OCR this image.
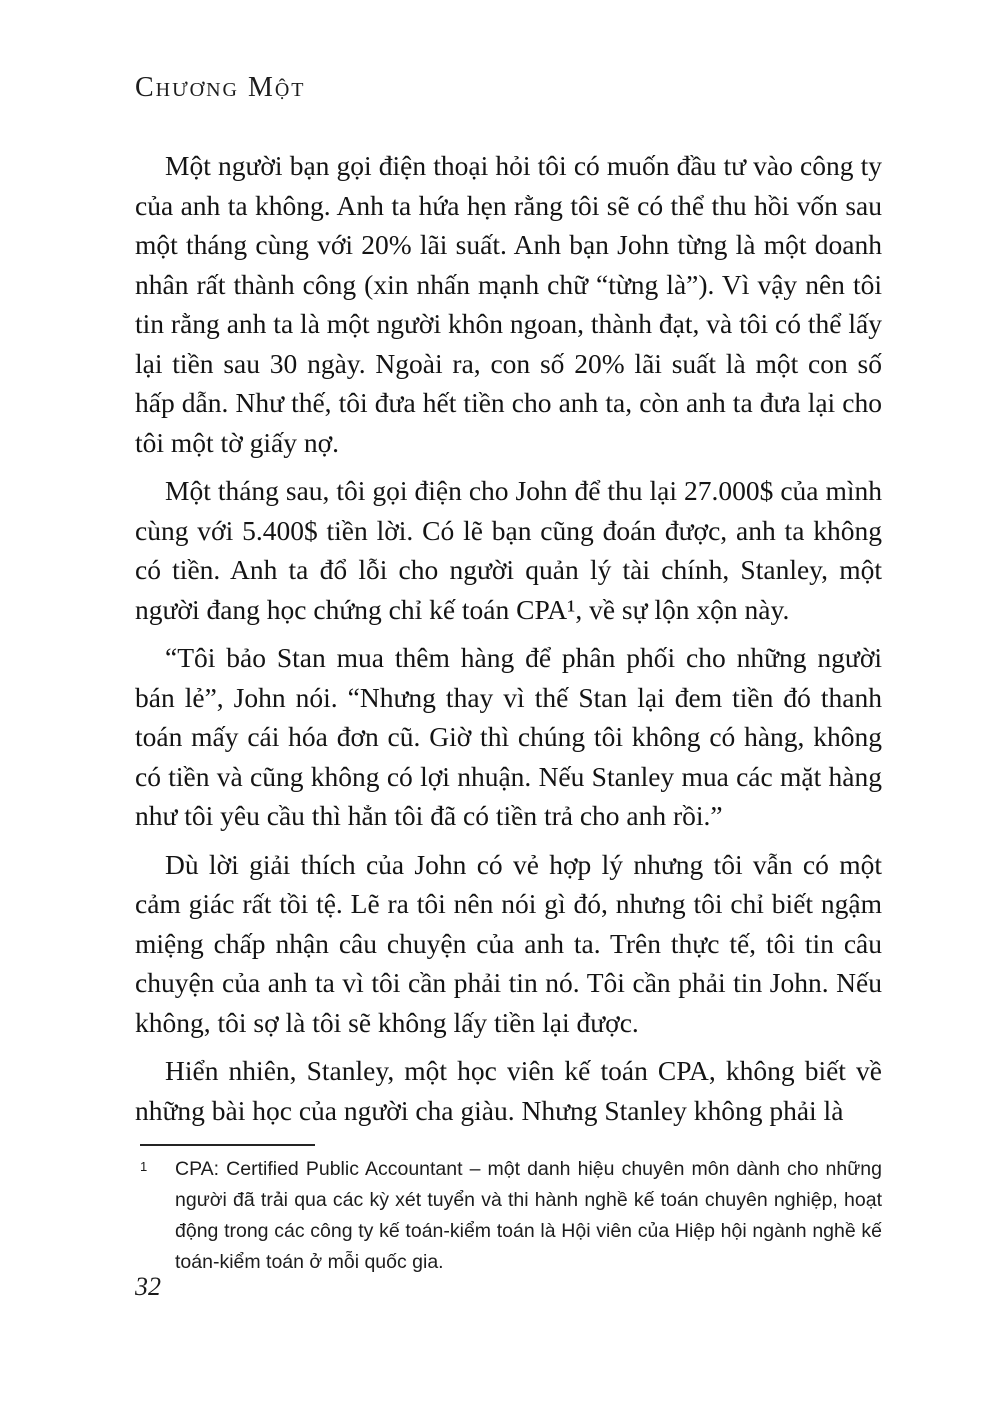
Chương Một

Một người bạn gọi điện thoại hỏi tôi có muốn đầu tư vào công ty của anh ta không. Anh ta hứa hẹn rằng tôi sẽ có thể thu hồi vốn sau một tháng cùng với 20% lãi suất. Anh bạn John từng là một doanh nhân rất thành công (xin nhấn mạnh chữ “từng là”). Vì vậy nên tôi tin rằng anh ta là một người khôn ngoan, thành đạt, và tôi có thể lấy lại tiền sau 30 ngày. Ngoài ra, con số 20% lãi suất là một con số hấp dẫn. Như thế, tôi đưa hết tiền cho anh ta, còn anh ta đưa lại cho tôi một tờ giấy nợ.

Một tháng sau, tôi gọi điện cho John để thu lại 27.000$ của mình cùng với 5.400$ tiền lời. Có lẽ bạn cũng đoán được, anh ta không có tiền. Anh ta đổ lỗi cho người quản lý tài chính, Stanley, một người đang học chứng chỉ kế toán CPA¹, về sự lộn xộn này.

“Tôi bảo Stan mua thêm hàng để phân phối cho những người bán lẻ”, John nói. “Nhưng thay vì thế Stan lại đem tiền đó thanh toán mấy cái hóa đơn cũ. Giờ thì chúng tôi không có hàng, không có tiền và cũng không có lợi nhuận. Nếu Stanley mua các mặt hàng như tôi yêu cầu thì hẳn tôi đã có tiền trả cho anh rồi.”

Dù lời giải thích của John có vẻ hợp lý nhưng tôi vẫn có một cảm giác rất tồi tệ. Lẽ ra tôi nên nói gì đó, nhưng tôi chỉ biết ngậm miệng chấp nhận câu chuyện của anh ta. Trên thực tế, tôi tin câu chuyện của anh ta vì tôi cần phải tin nó. Tôi cần phải tin John. Nếu không, tôi sợ là tôi sẽ không lấy tiền lại được.

Hiển nhiên, Stanley, một học viên kế toán CPA, không biết về những bài học của người cha giàu. Nhưng Stanley không phải là

1 CPA: Certified Public Accountant – một danh hiệu chuyên môn dành cho những người đã trải qua các kỳ xét tuyển và thi hành nghề kế toán chuyên nghiệp, hoạt động trong các công ty kế toán-kiểm toán là Hội viên của Hiệp hội ngành nghề kế toán-kiểm toán ở mỗi quốc gia.
32
